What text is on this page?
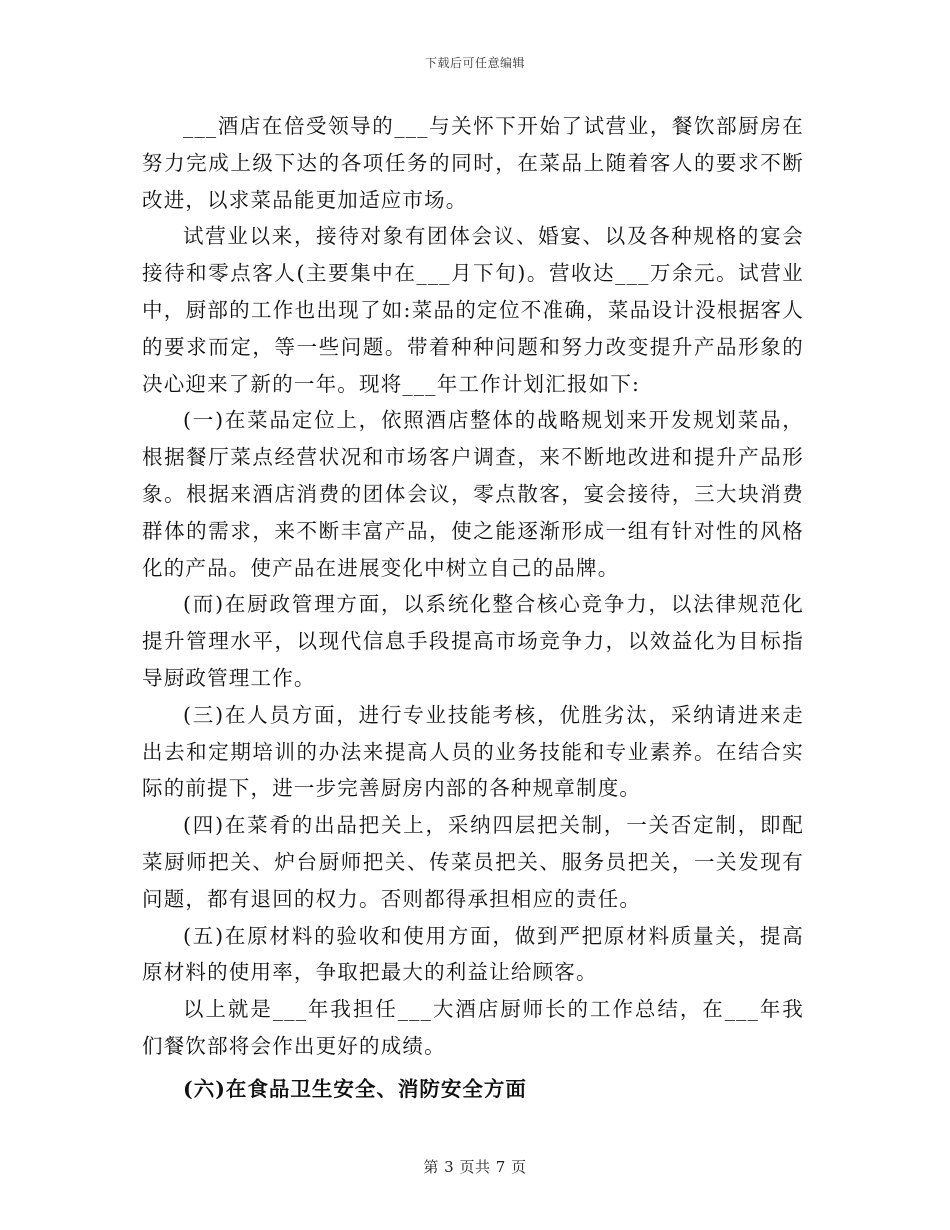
下载后可任意编辑

___酒店在倍受领导的___与关怀下开始了试营业，餐饮部厨房在努力完成上级下达的各项任务的同时，在菜品上随着客人的要求不断改进，以求菜品能更加适应市场。

试营业以来，接待对象有团体会议、婚宴、以及各种规格的宴会接待和零点客人(主要集中在___月下旬)。营收达___万余元。试营业中，厨部的工作也出现了如:菜品的定位不准确，菜品设计没根据客人的要求而定，等一些问题。带着种种问题和努力改变提升产品形象的决心迎来了新的一年。现将___年工作计划汇报如下:

(一)在菜品定位上，依照酒店整体的战略规划来开发规划菜品，根据餐厅菜点经营状况和市场客户调查，来不断地改进和提升产品形象。根据来酒店消费的团体会议，零点散客，宴会接待，三大块消费群体的需求，来不断丰富产品，使之能逐渐形成一组有针对性的风格化的产品。使产品在进展变化中树立自己的品牌。

(而)在厨政管理方面，以系统化整合核心竞争力，以法律规范化提升管理水平，以现代信息手段提高市场竞争力，以效益化为目标指导厨政管理工作。

(三)在人员方面，进行专业技能考核，优胜劣汰，采纳请进来走出去和定期培训的办法来提高人员的业务技能和专业素养。在结合实际的前提下，进一步完善厨房内部的各种规章制度。

(四)在菜肴的出品把关上，采纳四层把关制，一关否定制，即配菜厨师把关、炉台厨师把关、传菜员把关、服务员把关，一关发现有问题，都有退回的权力。否则都得承担相应的责任。

(五)在原材料的验收和使用方面，做到严把原材料质量关，提高原材料的使用率，争取把最大的利益让给顾客。

以上就是___年我担任___大酒店厨师长的工作总结，在___年我们餐饮部将会作出更好的成绩。

(六)在食品卫生安全、消防安全方面

第 3 页共 7 页
